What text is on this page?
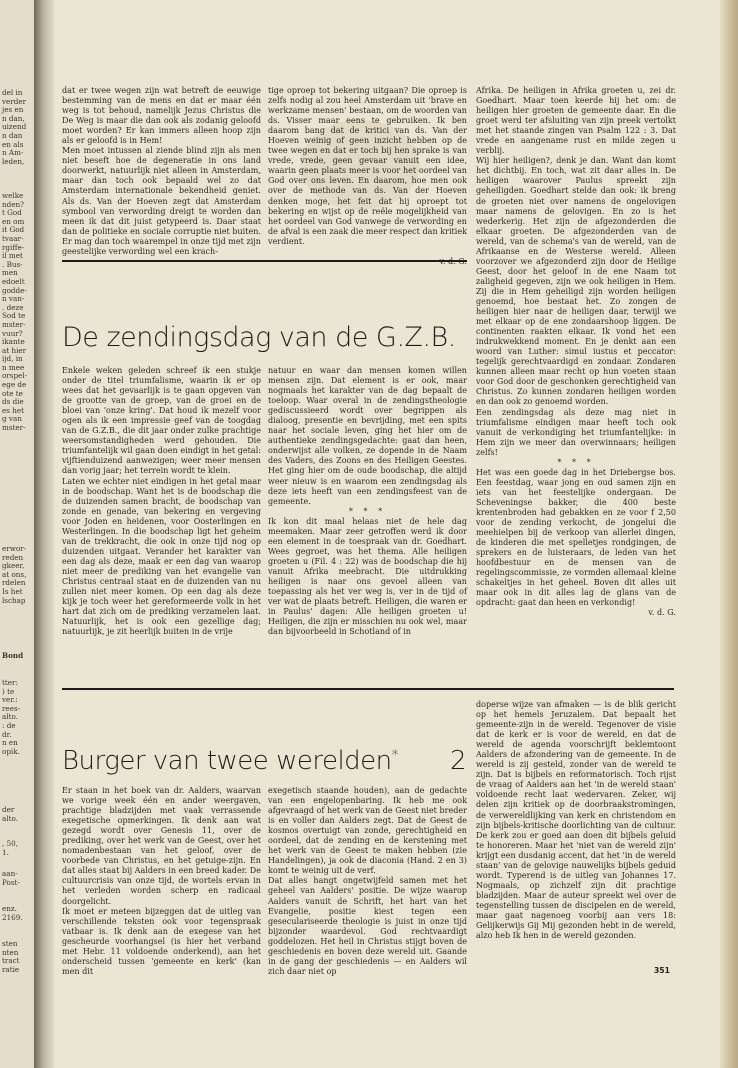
del in
verder
jes en
n dan,
uizend
n dan
en als
n Am-
leden,
welke
nden?
t God
en om
it God
tvaar-
rgiffe-
il met
. Bus-
men
edoelt
godde-
n van-
. deze
Sod te
mster-
vuur?
ikante
at hier
ijd, in
n mee
orspel-
ege de
ote te
ds die
es het
g van
mster-
erwor-
reden
gkeer,
at ons,
rdelen
Is het
lschap
Bond
tter:
) te
ver.:
rees-
alto.
: de
dr.
n en
opik.
der
alto.
, 50,
1.
aan-
Post-
enz.
2169.
sten
nten
tract
ratie

dat er twee wegen zijn wat betreft de eeuwige bestemming van de mens en dat er maar één weg is tot behoud, namelijk Jezus Christus die De Weg is maar die dan ook als zodanig geloofd moet worden? Er kan immers alleen hoop zijn als er geloofd is in Hem!

Men moet intussen al ziende blind zijn als men niet beseft hoe de degeneratie in ons land doorwerkt, natuurlijk niet alleen in Amsterdam, maar dan toch ook bepaald wel zo dat Amsterdam internationale bekendheid geniet. Als ds. Van der Hoeven zegt dat Amsterdam symbool van verwording dreigt te worden dan meen ik dat dit juist getypeerd is. Daar staat dan de politieke en sociale corruptie niet buiten. Er mag dan toch waarempel in onze tijd met zijn geestelijke verwording wel een krach-

tige oproep tot bekering uitgaan? Die oproep is zelfs nodig al zou heel Amsterdam uit 'brave en werkzame mensen' bestaan, om de woorden van ds. Visser maar eens te gebruiken. Ik ben daarom bang dat de kritici van ds. Van der Hoeven weinig of geen inzicht hebben op de twee wegen en dat er toch bij hen sprake is van vrede, vrede, geen gevaar vanuit een idee, waarin geen plaats meer is voor het oordeel van God over ons leven. En daarom, hoe men ook over de methode van ds. Van der Hoeven denken moge, het feit dat hij oproept tot bekering en wijst op de reële mogelijkheid van het oordeel van God vanwege de verwording en de afval is een zaak die meer respect dan kritiek verdient.

Afrika. De heiligen in Afrika groeten u, zei dr. Goedhart. Maar toen keerde hij het om: de heiligen hier groeten de gemeente daar. En die groet werd ter afsluiting van zijn preek vertolkt met het staande zingen van Psalm 122 : 3. Dat vrede en aangename rust en milde zegen u verblij.

Wij hier heiligen?, denk je dan. Want dan komt het dichtbij. En toch, wat zit daar alles in. De heiligen waarover Paulus spreekt zijn geheiligden. Goedhart stelde dan ook: ik breng de groeten niet over namens de ongelovigen maar namens de gelovigen. En zo is het wederkerig. Het zijn de afgezonderden die elkaar groeten. De afgezonderden van de wereld, van de schema's van de wereld, van de Afrikaanse en de Westerse wereld. Alleen voorzover we afgezonderd zijn door de Heilige Geest, door het geloof in de ene Naam tot zaligheid gegeven, zijn we ook heiligen in Hem. Zij die in Hem geheiligd zijn worden heiligen genoemd, hoe bestaat het. Zo zongen de heiligen hier naar de heiligen daar, terwijl we met elkaar op de ene zondaarshoop liggen. De continenten raakten elkaar. Ik vond het een indrukwekkend moment. En je denkt aan een woord van Luther: simul iustus et peccator: tegelijk gerechtvaardigd en zondaar. Zondaren kunnen alleen maar recht op hun voeten staan voor God door de geschonken gerechtigheid van Christus. Zo kunnen zondaren heiligen worden en dan ook zo genoemd worden.

Een zendingsdag als deze mag niet in triumfalisme eindigen maar heeft toch ook vanuit de verkondiging het triumfantelijke: in Hem zijn we meer dan overwinnaars; heiligen zelfs!

* * *

Het was een goede dag in het Driebergse bos. Een feestdag, waar jong en oud samen zijn en iets van het feestelijke ondergaan. De Scheveningse bakker, die 400 beste krentenbroden had gebakken en ze voor f 2,50 voor de zending verkocht, de jongelui die meehielpen bij de verkoop van allerlei dingen, de kinderen die met spelletjes rondgingen, de sprekers en de luisteraars, de leden van het hoofdbestuur en de mensen van de regelingscommissie, ze vormden allemaal kleine schakeltjes in het geheel. Boven dit alles uit maar ook in dit alles lag de glans van de opdracht: gaat dan heen en verkondig!

v. d. G.

De zendingsdag van de G.Z.B.

Enkele weken geleden schreef ik een stukje onder de titel triumfalisme, waarin ik er op wees dat het gevaarlijk is te gaan opgeven van de grootte van de groep, van de groei en de bloei van 'onze kring'. Dat houd ik mezelf voor ogen als ik een impressie geef van de toogdag van de G.Z.B., die dit jaar onder zulke prachtige weersomstandigheden werd gehouden. Die triumfantelijk wil gaan doen eindigt in het getal: vijftienduizend aanwezigen; weer meer mensen dan vorig jaar; het terrein wordt te klein.

Laten we echter niet eindigen in het getal maar in de boodschap. Want het is de boodschap die de duizenden samen bracht, de boodschap van zonde en genade, van bekering en vergeving voor Joden en heidenen, voor Oosterlingen en Westerlingen. In die boodschap ligt het geheim van de trekkracht, die ook in onze tijd nog op duizenden uitgaat. Verander het karakter van een dag als deze, maak er een dag van waarop niet meer de prediking van het evangelie van Christus centraal staat en de duizenden van nu zullen niet meer komen. Op een dag als deze kijk je toch weer het gereformeerde volk in het hart dat zich om de prediking verzamelen laat. Natuurlijk, het is ook een gezellige dag; natuurlijk, je zit heerlijk buiten in de vrije

natuur en waar dan mensen komen willen mensen zijn. Dat element is er ook, maar nogmaals het karakter van de dag bepaalt de toeloop. Waar overal in de zendingstheologie gediscussieerd wordt over begrippen als dialoog, presentie en bevrijding, met een spits naar het sociale leven, ging het hier om de authentieke zendingsgedachte: gaat dan heen, onderwijst alle volken, ze dopende in de Naam des Vaders, des Zoons en des Heiligen Geestes. Het ging hier om de oude boodschap, die altijd weer nieuw is en waarom een zendingsdag als deze iets heeft van een zendingsfeest van de gemeente.

* * *

Ik kon dit maal helaas niet de hele dag meemaken. Maar zeer getroffen werd ik door een element in de toespraak van dr. Goedhart. Wees gegroet, was het thema. Alle heiligen groeten u (Fil. 4 : 22) was de boodschap die hij vanuit Afrika meebracht. Die uitdrukking heiligen is naar ons gevoel alleen van toepassing als het ver weg is, ver in de tijd of ver wat de plaats betreft. Heiligen, die waren er in Paulus' dagen: Alle heiligen groeten u! Heiligen, die zijn er misschien nu ook wel, maar dan bijvoorbeeld in Schotland of in

Burger van twee werelden* 2

Er staan in het boek van dr. Aalders, waarvan we vorige week één en ander weergaven, prachtige bladzijden met vaak verrassende exegetische opmerkingen. Ik denk aan wat gezegd wordt over Genesis 11, over de prediking, over het werk van de Geest, over het nomadenbestaan van het geloof, over de voorbede van Christus, en het getuige-zijn. En dat alles staat bij Aalders in een breed kader. De cultuurcrisis van onze tijd, de wortels ervan in het verleden worden scherp en radicaal doorgelicht.

Ik moet er meteen bijzeggen dat de uitleg van verschillende teksten ook voor tegenspraak vatbaar is. Ik denk aan de exegese van het gescheurde voorhangsel (is hier het verband met Hebr. 11 voldoende onderkend), aan het onderscheid tussen 'gemeente en kerk' (kan men dit

exegetisch staande houden), aan de gedachte van een engelopenbaring. Ik heb me ook afgevraagd of het werk van de Geest niet breder is en voller dan Aalders zegt. Dat de Geest de kosmos overtuigt van zonde, gerechtigheid en oordeel, dat de zending en de kerstening met het werk van de Geest te maken hebben (zie Handelingen), ja ook de diaconia (Hand. 2 en 3) komt te weinig uit de verf.

Dat alles hangt ongetwijfeld samen met het geheel van Aalders' positie. De wijze waarop Aalders vanuit de Schrift, het hart van het Evangelie, positie kiest tegen een geseculariseerde theologie is juist in onze tijd bijzonder waardevol. God rechtvaardigt goddelozen. Het heil in Christus stijgt boven de geschiedenis en boven deze wereld uit. Gaande in de gang der geschiedenis — en Aalders wil zich daar niet op

doperse wijze van afmaken — is de blik gericht op het hemels Jeruzalem. Dat bepaalt het gemeente-zijn in de wereld. Tegenover de visie dat de kerk er is voor de wereld, en dat de wereld de agenda voorschrijft beklemtoont Aalders de afzondering van de gemeente. In de wereld is zij gesteld, zonder van de wereld te zijn. Dat is bijbels en reformatorisch. Toch rijst de vraag of Aalders aan het 'in de wereld staan' voldoende recht laat wedervaren. Zeker, wij delen zijn kritiek op de doorbraakstromingen, de verwereldlijking van kerk en christendom en zijn bijbels-kritische doorlichting van de cultuur. De kerk zou er goed aan doen dit bijbels geluid te honoreren. Maar het 'niet van de wereld zijn' krijgt een dusdanig accent, dat het 'in de wereld staan' van de gelovige nauwelijks bijbels geduid wordt. Typerend is de uitleg van Johannes 17. Nogmaals, op zichzelf zijn dit prachtige bladzijden. Maar de auteur spreekt wel over de tegenstelling tussen de discipelen en de wereld, maar gaat nagenoeg voorbij aan vers 18: Gelijkerwijs Gij Mij gezonden hebt in de wereld, alzo heb Ik hen in de wereld gezonden.

351
